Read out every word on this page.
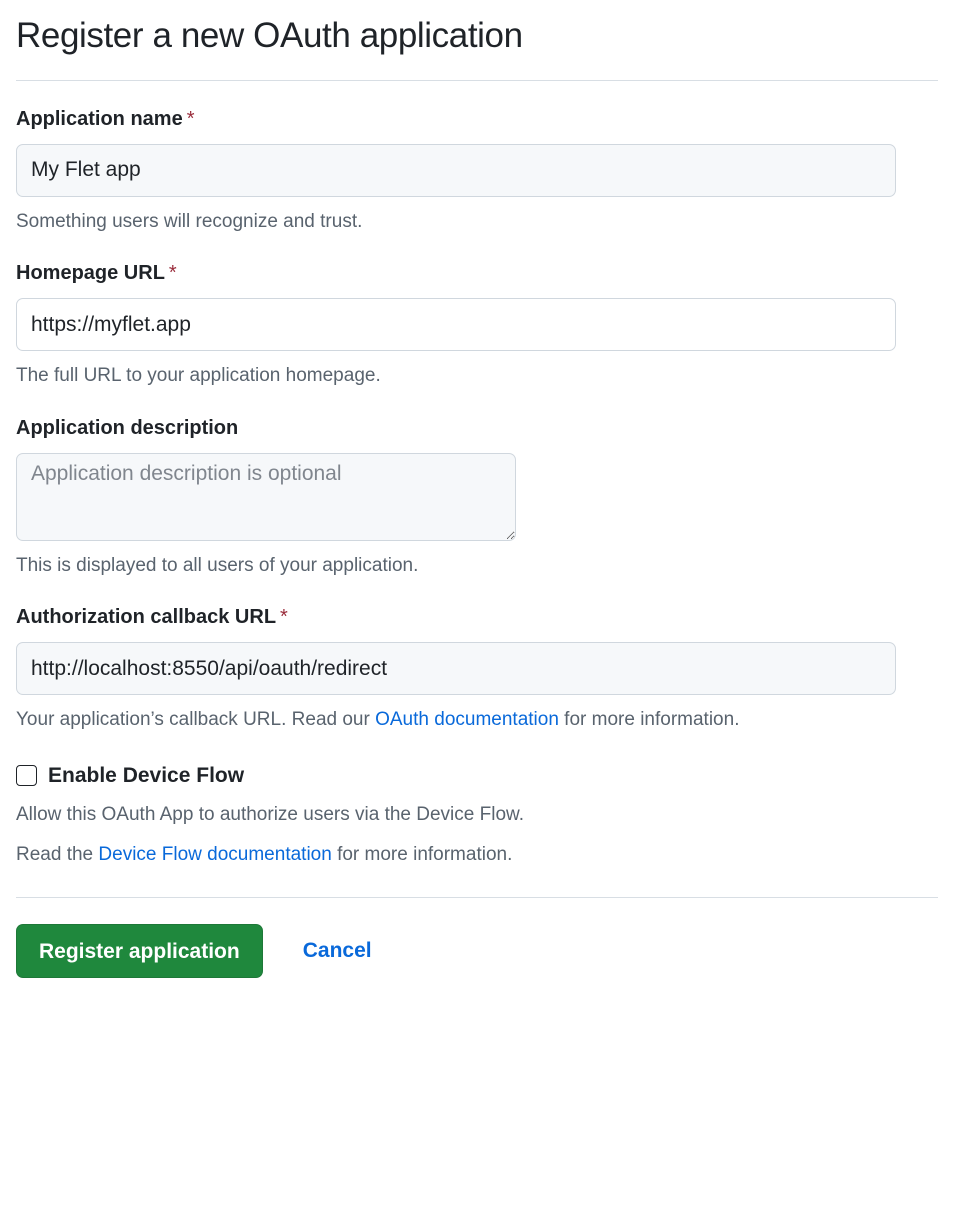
Register a new OAuth application
Application name *
My Flet app
Something users will recognize and trust.
Homepage URL *
https://myflet.app
The full URL to your application homepage.
Application description
Application description is optional
This is displayed to all users of your application.
Authorization callback URL *
http://localhost:8550/api/oauth/redirect
Your application’s callback URL. Read our OAuth documentation for more information.
Enable Device Flow
Allow this OAuth App to authorize users via the Device Flow.
Read the Device Flow documentation for more information.
Register application	Cancel
